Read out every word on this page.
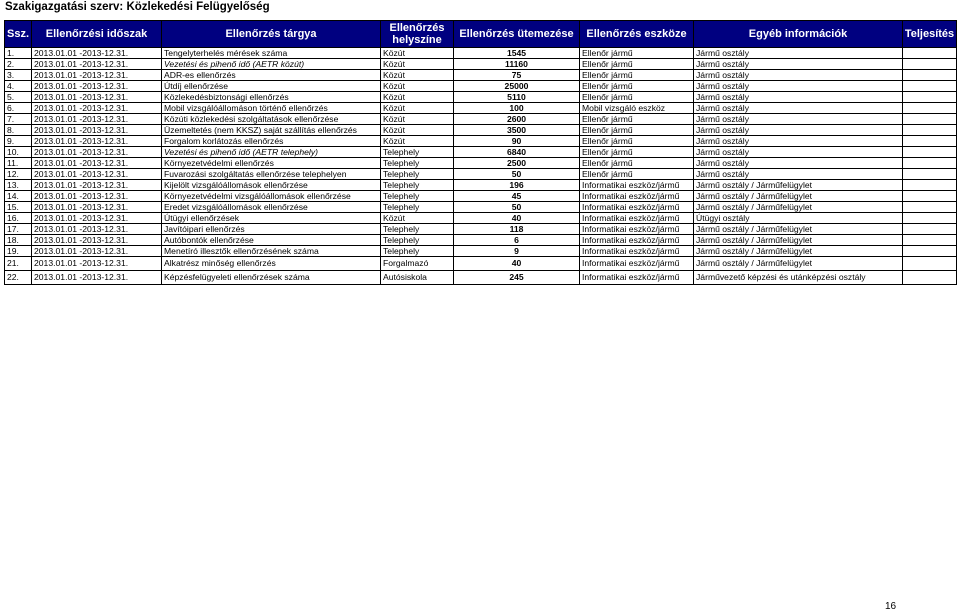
Szakigazgatási szerv: Közlekedési Felügyelőség
Ssz.	Ellenőrzési időszak	Ellenőrzés tárgya	Ellenőrzés helyszíne	Ellenőrzés ütemezése	Ellenőrzés eszköze	Egyéb információk	Teljesítés
1.	2013.01.01 -2013-12.31.	Tengelyterhelés mérések száma	Közút	1545	Ellenőr jármű	Jármű osztály	
2.	2013.01.01 -2013-12.31.	Vezetési és pihenő idő (AETR közút)	Közút	11160	Ellenőr jármű	Jármű osztály	
3.	2013.01.01 -2013-12.31.	ADR-es ellenőrzés	Közút	75	Ellenőr jármű	Jármű osztály	
4.	2013.01.01 -2013-12.31.	Útdíj ellenőrzése	Közút	25000	Ellenőr jármű	Jármű osztály	
5.	2013.01.01 -2013-12.31.	Közlekedésbiztonsági ellenőrzés	Közút	5110	Ellenőr jármű	Jármű osztály	
6.	2013.01.01 -2013-12.31.	Mobil vizsgálóállomáson történő ellenőrzés	Közút	100	Mobil vizsgáló eszköz	Jármű osztály	
7.	2013.01.01 -2013-12.31.	Közúti közlekedési szolgáltatások ellenőrzése	Közút	2600	Ellenőr jármű	Jármű osztály	
8.	2013.01.01 -2013-12.31.	Üzemeltetés (nem KKSZ) saját szállítás ellenőrzés	Közút	3500	Ellenőr jármű	Jármű osztály	
9.	2013.01.01 -2013-12.31.	Forgalom korlátozás ellenőrzés	Közút	90	Ellenőr jármű	Jármű osztály	
10.	2013.01.01 -2013-12.31.	Vezetési és pihenő idő (AETR telephely)	Telephely	6840	Ellenőr jármű	Jármű osztály	
11.	2013.01.01 -2013-12.31.	Környezetvédelmi ellenőrzés	Telephely	2500	Ellenőr jármű	Jármű osztály	
12.	2013.01.01 -2013-12.31.	Fuvarozási szolgáltatás ellenőrzése telephelyen	Telephely	50	Ellenőr jármű	Jármű osztály	
13.	2013.01.01 -2013-12.31.	Kijelölt vizsgálóállomások ellenőrzése	Telephely	196	Informatikai eszköz/jármű	Jármű osztály / Járműfelügylet	
14.	2013.01.01 -2013-12.31.	Környezetvédelmi vizsgálóállomások ellenőrzése	Telephely	45	Informatikai eszköz/jármű	Jármű osztály / Járműfelügylet	
15.	2013.01.01 -2013-12.31.	Eredet vizsgálóállomások ellenőrzése	Telephely	50	Informatikai eszköz/jármű	Jármű osztály / Járműfelügylet	
16.	2013.01.01 -2013-12.31.	Útügyi ellenőrzések	Közút	40	Informatikai eszköz/jármű	Útügyi osztály	
17.	2013.01.01 -2013-12.31.	Javítóipari ellenőrzés	Telephely	118	Informatikai eszköz/jármű	Jármű osztály / Járműfelügylet	
18.	2013.01.01 -2013-12.31.	Autóbontók ellenőrzése	Telephely	6	Informatikai eszköz/jármű	Jármű osztály / Járműfelügylet	
19.	2013.01.01 -2013-12.31.	Menetíró illesztők ellenőrzésének száma	Telephely	9	Informatikai eszköz/jármű	Jármű osztály / Járműfelügylet	
21.	2013.01.01 -2013-12.31.	Alkatrész minőség ellenőrzés	Forgalmazó	40	Informatikai eszköz/jármű	Jármű osztály / Járműfelügylet	
22.	2013.01.01 -2013-12.31.	Képzésfelügyeleti ellenőrzések száma	Autósiskola	245	Informatikai eszköz/jármű	Járművezető képzési és utánképzési osztály	
16
